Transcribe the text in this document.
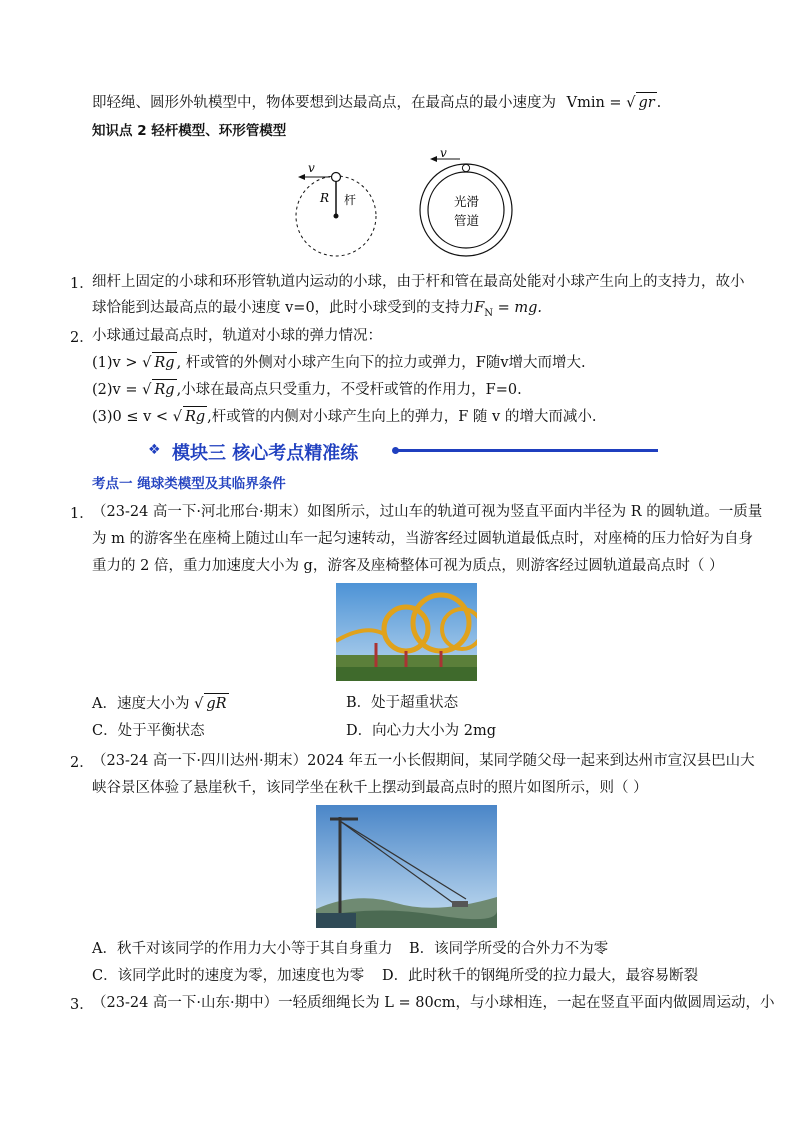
即轻绳、圆形外轨模型中，物体要想到达最高点，在最高点的最小速度为 Vmin = √ gr .
知识点 2 轻杆模型、环形管模型
v
R 杆
v
光滑
管道
1．
细杆上固定的小球和环形管轨道内运动的小球，由于杆和管在最高处能对小球产生向上的支持力，故小
球恰能到达最高点的最小速度 v=0，此时小球受到的支持力$F_N$ = mg.
2．
小球通过最高点时，轨道对小球的弹力情况：
(1)v > √ Rg , 杆或管的外侧对小球产生向下的拉力或弹力，F随v增大而增大.
(2)v = √ Rg ,小球在最高点只受重力，不受杆或管的作用力，F=0.
(3)0 ≤ v < √ Rg ,杆或管的内侧对小球产生向上的弹力，F 随 v 的增大而减小.
❖ 模块三 核心考点精准练
考点一 绳球类模型及其临界条件
1．
（23-24 高一下·河北邢台·期末）如图所示，过山车的轨道可视为竖直平面内半径为 R 的圆轨道。一质量
为 m 的游客坐在座椅上随过山车一起匀速转动，当游客经过圆轨道最低点时，对座椅的压力恰好为自身
重力的 2 倍，重力加速度大小为 g，游客及座椅整体可视为质点，则游客经过圆轨道最高点时（ ）
A．速度大小为 √ gR	B．处于超重状态
C．处于平衡状态	D．向心力大小为 2mg
2．
（23-24 高一下·四川达州·期末）2024 年五一小长假期间，某同学随父母一起来到达州市宣汉县巴山大
峡谷景区体验了悬崖秋千，该同学坐在秋千上摆动到最高点时的照片如图所示，则（ ）
A．秋千对该同学的作用力大小等于其自身重力 B．该同学所受的合外力不为零
C．该同学此时的速度为零，加速度也为零 D．此时秋千的钢绳所受的拉力最大，最容易断裂
3．
（23-24 高一下·山东·期中）一轻质细绳长为 L = 80cm，与小球相连，一起在竖直平面内做圆周运动，小
